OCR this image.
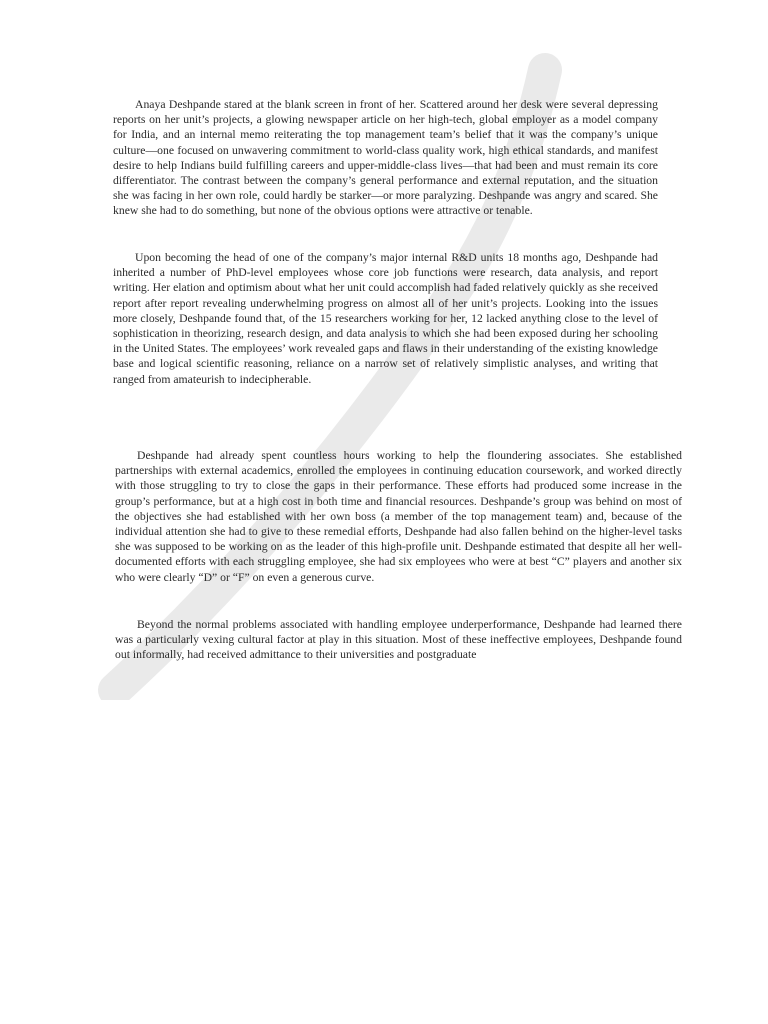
Anaya Deshpande stared at the blank screen in front of her. Scattered around her desk were several depressing reports on her unit’s projects, a glowing newspaper article on her high-tech, global employer as a model company for India, and an internal memo reiterating the top management team’s belief that it was the company’s unique culture—one focused on unwavering commitment to world-class quality work, high ethical standards, and manifest desire to help Indians build fulfilling careers and upper-middle-class lives—that had been and must remain its core differentiator. The contrast between the company’s general performance and external reputation, and the situation she was facing in her own role, could hardly be starker—or more paralyzing. Deshpande was angry and scared. She knew she had to do something, but none of the obvious options were attractive or tenable.

Upon becoming the head of one of the company’s major internal R&D units 18 months ago, Deshpande had inherited a number of PhD-level employees whose core job functions were research, data analysis, and report writing. Her elation and optimism about what her unit could accomplish had faded relatively quickly as she received report after report revealing underwhelming progress on almost all of her unit’s projects. Looking into the issues more closely, Deshpande found that, of the 15 researchers working for her, 12 lacked anything close to the level of sophistication in theorizing, research design, and data analysis to which she had been exposed during her schooling in the United States. The employees’ work revealed gaps and flaws in their understanding of the existing knowledge base and logical scientific reasoning, reliance on a narrow set of relatively simplistic analyses, and writing that ranged from amateurish to indecipherable.

Deshpande had already spent countless hours working to help the floundering associates. She established partnerships with external academics, enrolled the employees in continuing education coursework, and worked directly with those struggling to try to close the gaps in their performance. These efforts had produced some increase in the group’s performance, but at a high cost in both time and financial resources. Deshpande’s group was behind on most of the objectives she had established with her own boss (a member of the top management team) and, because of the individual attention she had to give to these remedial efforts, Deshpande had also fallen behind on the higher-level tasks she was supposed to be working on as the leader of this high-profile unit. Deshpande estimated that despite all her well-documented efforts with each struggling employee, she had six employees who were at best “C” players and another six who were clearly “D” or “F” on even a generous curve.

Beyond the normal problems associated with handling employee underperformance, Deshpande had learned there was a particularly vexing cultural factor at play in this situation. Most of these ineffective employees, Deshpande found out informally, had received admittance to their universities and postgraduate
